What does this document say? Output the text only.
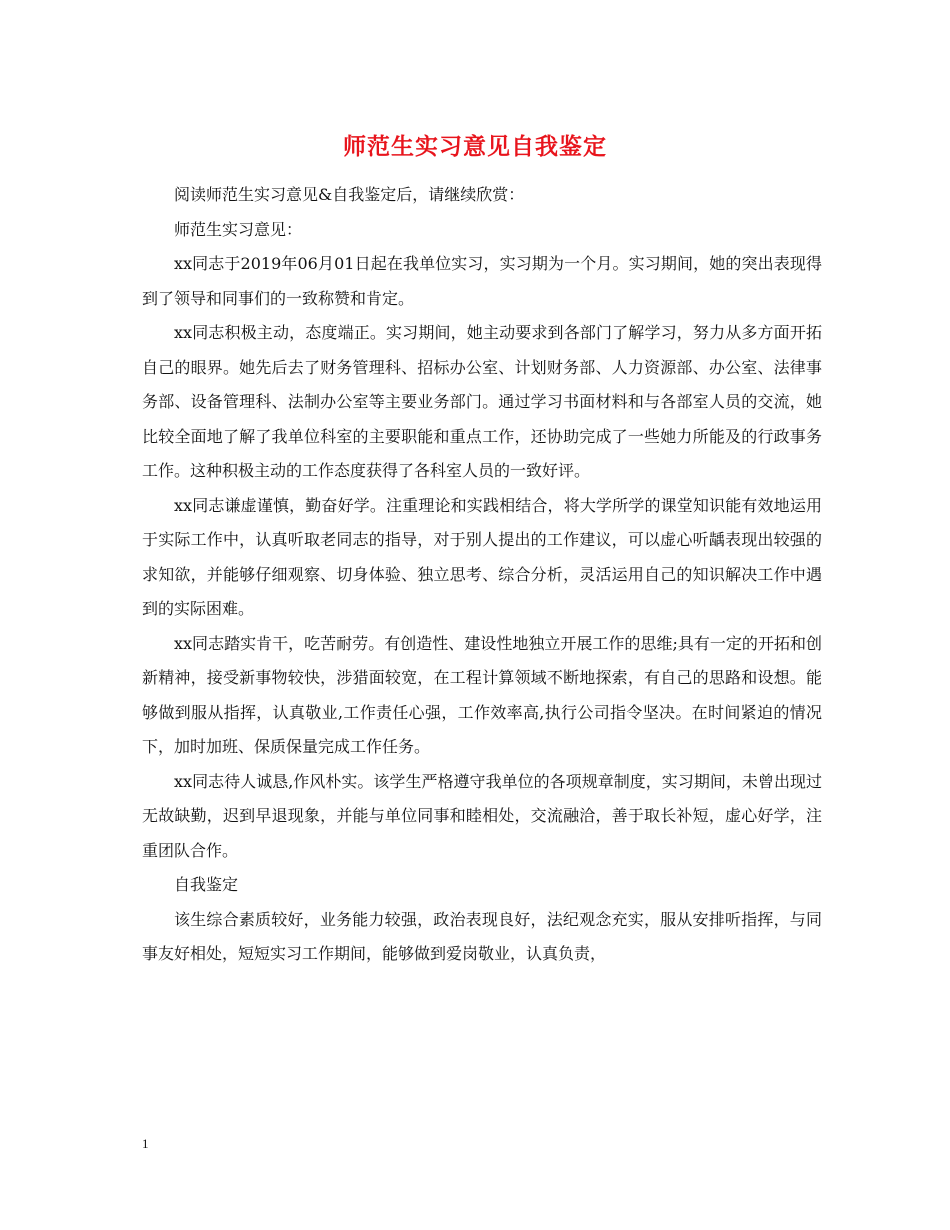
师范生实习意见自我鉴定

阅读师范生实习意见&自我鉴定后，请继续欣赏：

师范生实习意见：

xx同志于2019年06月01日起在我单位实习，实习期为一个月。实习期间，她的突出表现得到了领导和同事们的一致称赞和肯定。

xx同志积极主动，态度端正。实习期间，她主动要求到各部门了解学习，努力从多方面开拓自己的眼界。她先后去了财务管理科、招标办公室、计划财务部、人力资源部、办公室、法律事务部、设备管理科、法制办公室等主要业务部门。通过学习书面材料和与各部室人员的交流，她比较全面地了解了我单位科室的主要职能和重点工作，还协助完成了一些她力所能及的行政事务工作。这种积极主动的工作态度获得了各科室人员的一致好评。

xx同志谦虚谨慎，勤奋好学。注重理论和实践相结合，将大学所学的课堂知识能有效地运用于实际工作中，认真听取老同志的指导，对于别人提出的工作建议，可以虚心听龋表现出较强的求知欲，并能够仔细观察、切身体验、独立思考、综合分析，灵活运用自己的知识解决工作中遇到的实际困难。

xx同志踏实肯干，吃苦耐劳。有创造性、建设性地独立开展工作的思维;具有一定的开拓和创新精神，接受新事物较快，涉猎面较宽，在工程计算领域不断地探索，有自己的思路和设想。能够做到服从指挥，认真敬业,工作责任心强，工作效率高,执行公司指令坚决。在时间紧迫的情况下，加时加班、保质保量完成工作任务。

xx同志待人诚恳,作风朴实。该学生严格遵守我单位的各项规章制度，实习期间，未曾出现过无故缺勤，迟到早退现象，并能与单位同事和睦相处，交流融洽，善于取长补短，虚心好学，注重团队合作。

自我鉴定

该生综合素质较好，业务能力较强，政治表现良好，法纪观念充实，服从安排听指挥，与同事友好相处，短短实习工作期间，能够做到爱岗敬业，认真负责，

1
